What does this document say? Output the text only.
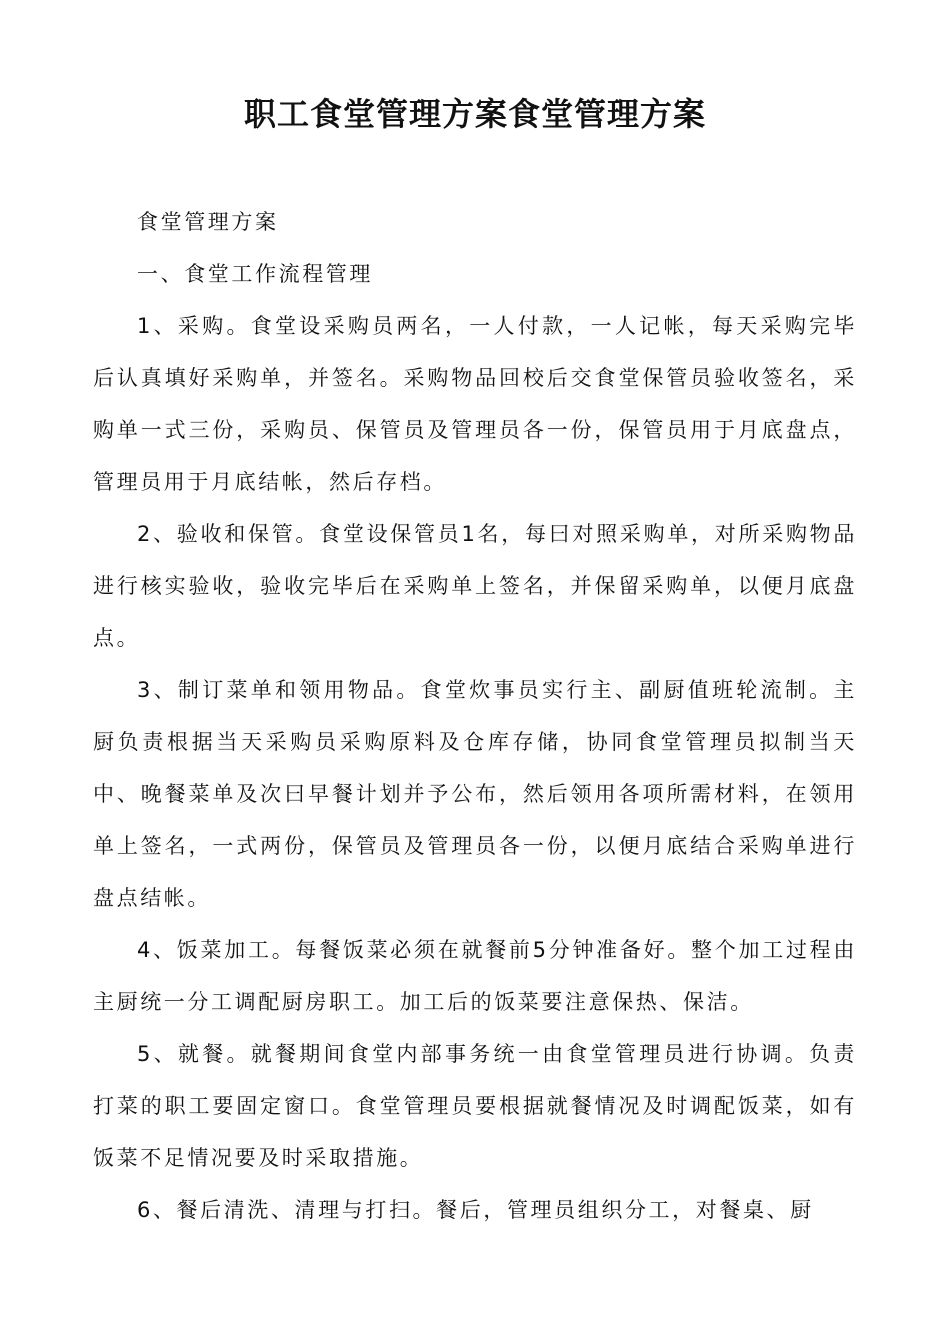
职工食堂管理方案食堂管理方案

食堂管理方案

一、食堂工作流程管理

1、采购。食堂设采购员两名，一人付款，一人记帐，每天采购完毕后认真填好采购单，并签名。采购物品回校后交食堂保管员验收签名，采购单一式三份，采购员、保管员及管理员各一份，保管员用于月底盘点，管理员用于月底结帐，然后存档。

2、验收和保管。食堂设保管员1名，每曰对照采购单，对所采购物品进行核实验收，验收完毕后在采购单上签名，并保留采购单，以便月底盘点。

3、制订菜单和领用物品。食堂炊事员实行主、副厨值班轮流制。主厨负责根据当天采购员采购原料及仓库存储，协同食堂管理员拟制当天中、晚餐菜单及次曰早餐计划并予公布，然后领用各项所需材料，在领用单上签名，一式两份，保管员及管理员各一份，以便月底结合采购单进行盘点结帐。

4、饭菜加工。每餐饭菜必须在就餐前5分钟准备好。整个加工过程由主厨统一分工调配厨房职工。加工后的饭菜要注意保热、保洁。

5、就餐。就餐期间食堂内部事务统一由食堂管理员进行协调。负责打菜的职工要固定窗口。食堂管理员要根据就餐情况及时调配饭菜，如有饭菜不足情况要及时采取措施。

6、餐后清洗、清理与打扫。餐后，管理员组织分工，对餐桌、厨
